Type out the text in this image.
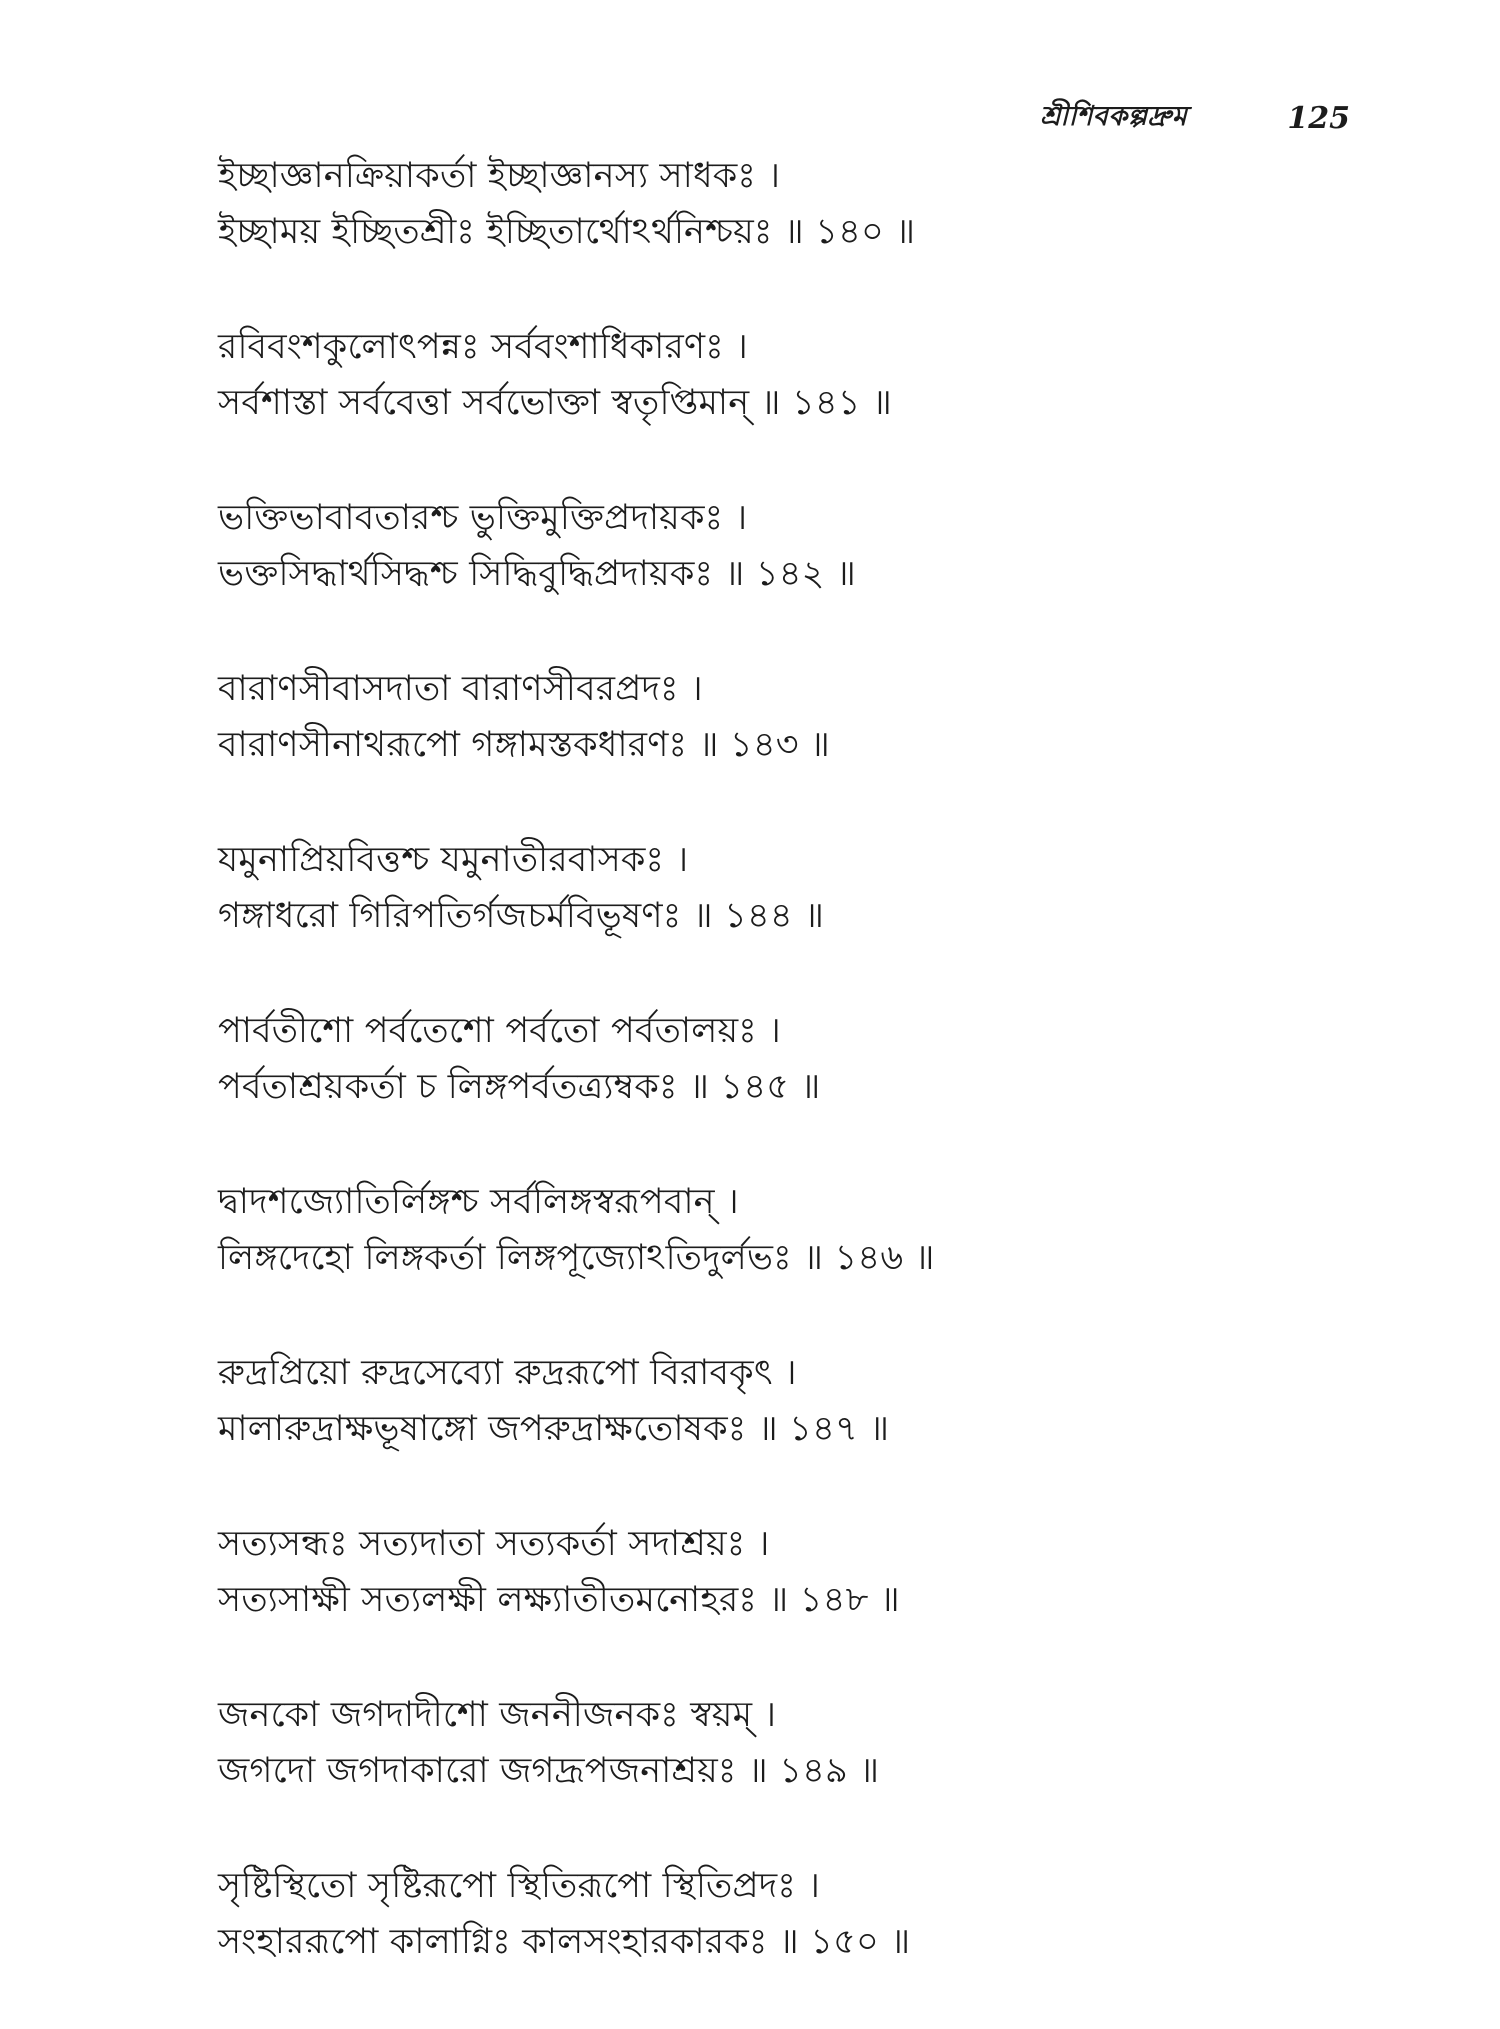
শ্রীশিবকল্পদ্রুম	125
ইচ্ছাজ্ঞানক্রিয়াকর্তা ইচ্ছাজ্ঞানস্য সাধকঃ ।
ইচ্ছাময় ইচ্ছিতশ্রীঃ ইচ্ছিতার্থোঽর্থনিশ্চয়ঃ ॥ ১৪০ ॥
রবিবংশকুলোৎপন্নঃ সর্ববংশাধিকারণঃ ।
সর্বশাস্তা সর্ববেত্তা সর্বভোক্তা স্বতৃপ্তিমান্ ॥ ১৪১ ॥
ভক্তিভাবাবতারশ্চ ভুক্তিমুক্তিপ্রদায়কঃ ।
ভক্তসিদ্ধার্থসিদ্ধশ্চ সিদ্ধিবুদ্ধিপ্রদায়কঃ ॥ ১৪২ ॥
বারাণসীবাসদাতা বারাণসীবরপ্রদঃ ।
বারাণসীনাথরূপো গঙ্গামস্তকধারণঃ ॥ ১৪৩ ॥
যমুনাপ্রিয়বিত্তশ্চ যমুনাতীরবাসকঃ ।
গঙ্গাধরো গিরিপতির্গজচর্মবিভূষণঃ ॥ ১৪৪ ॥
পার্বতীশো পর্বতেশো পর্বতো পর্বতালয়ঃ ।
পর্বতাশ্রয়কর্তা চ লিঙ্গপর্বতত্র্যম্বকঃ ॥ ১৪৫ ॥
দ্বাদশজ্যোতির্লিঙ্গশ্চ সর্বলিঙ্গস্বরূপবান্ ।
লিঙ্গদেহো লিঙ্গকর্তা লিঙ্গপূজ্যোঽতিদুর্লভঃ ॥ ১৪৬ ॥
রুদ্রপ্রিয়ো রুদ্রসেব্যো রুদ্ররূপো বিরাবকৃৎ ।
মালারুদ্রাক্ষভূষাঙ্গো জপরুদ্রাক্ষতোষকঃ ॥ ১৪৭ ॥
সত্যসন্ধঃ সত্যদাতা সত্যকর্তা সদাশ্রয়ঃ ।
সত্যসাক্ষী সত্যলক্ষী লক্ষ্যাতীতমনোহরঃ ॥ ১৪৮ ॥
জনকো জগদাদীশো জননীজনকঃ স্বয়ম্ ।
জগদো জগদাকারো জগদ্রূপজনাশ্রয়ঃ ॥ ১৪৯ ॥
সৃষ্টিস্থিতো সৃষ্টিরূপো স্থিতিরূপো স্থিতিপ্রদঃ ।
সংহাররূপো কালাগ্নিঃ কালসংহারকারকঃ ॥ ১৫০ ॥
